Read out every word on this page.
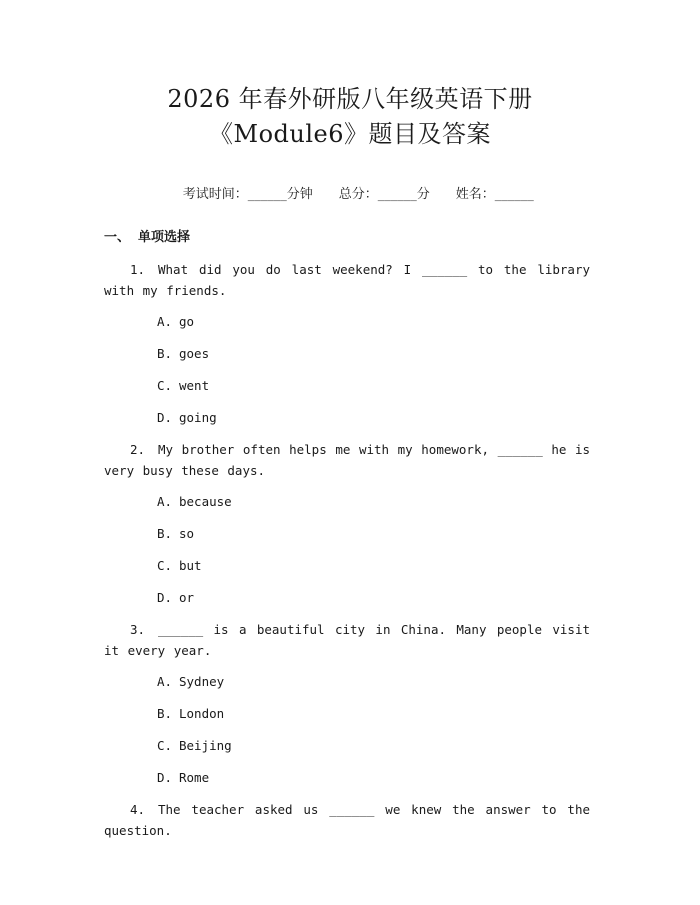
2026 年春外研版八年级英语下册
《Module6》题目及答案

考试时间：______分钟 总分：______分 姓名：______

一、 单项选择
1. What did you do last weekend? I ______ to the library with my friends.
A. go
B. goes
C. went
D. going
2. My brother often helps me with my homework, ______ he is very busy these days.
A. because
B. so
C. but
D. or
3. ______ is a beautiful city in China. Many people visit it every year.
A. Sydney
B. London
C. Beijing
D. Rome
4. The teacher asked us ______ we knew the answer to the question.
